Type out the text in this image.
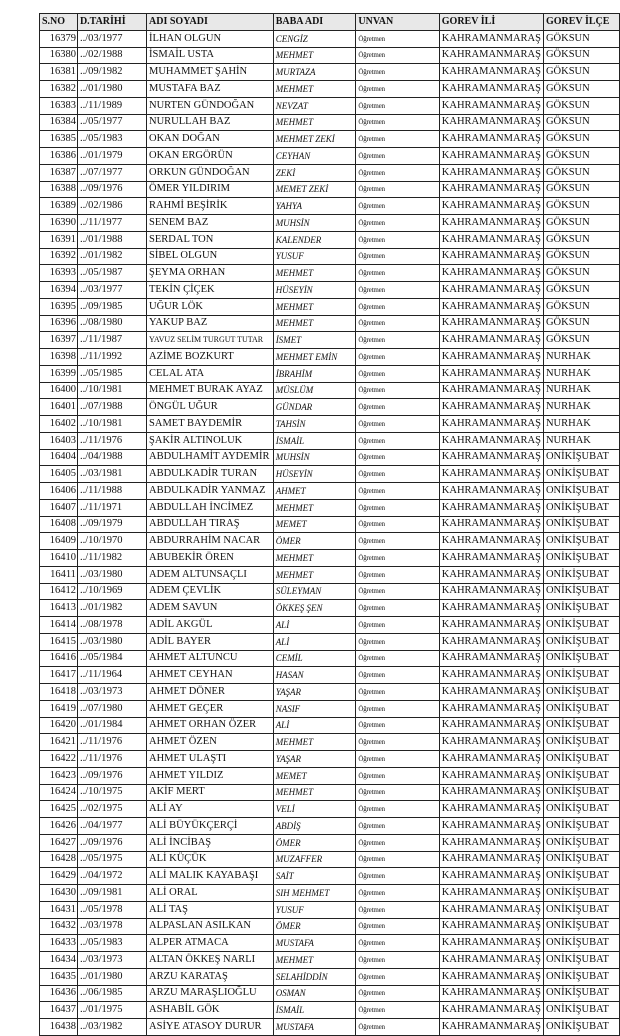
S.NO	D.TARİHİ	ADI SOYADI	BABA ADI	UNVAN	GOREV İLİ	GOREV İLÇE
16379	../03/1977	İLHAN OLGUN	CENGİZ	Öğretmen	KAHRAMANMARAŞ	GÖKSUN
16380	../02/1988	İSMAİL USTA	MEHMET	Öğretmen	KAHRAMANMARAŞ	GÖKSUN
16381	../09/1982	MUHAMMET ŞAHİN	MURTAZA	Öğretmen	KAHRAMANMARAŞ	GÖKSUN
16382	../01/1980	MUSTAFA BAZ	MEHMET	Öğretmen	KAHRAMANMARAŞ	GÖKSUN
16383	../11/1989	NURTEN GÜNDOĞAN	NEVZAT	Öğretmen	KAHRAMANMARAŞ	GÖKSUN
16384	../05/1977	NURULLAH BAZ	MEHMET	Öğretmen	KAHRAMANMARAŞ	GÖKSUN
16385	../05/1983	OKAN DOĞAN	MEHMET ZEKİ	Öğretmen	KAHRAMANMARAŞ	GÖKSUN
16386	../01/1979	OKAN ERGÖRÜN	CEYHAN	Öğretmen	KAHRAMANMARAŞ	GÖKSUN
16387	../07/1977	ORKUN GÜNDOĞAN	ZEKİ	Öğretmen	KAHRAMANMARAŞ	GÖKSUN
16388	../09/1976	ÖMER YILDIRIM	MEMET ZEKİ	Öğretmen	KAHRAMANMARAŞ	GÖKSUN
16389	../02/1986	RAHMİ BEŞİRİK	YAHYA	Öğretmen	KAHRAMANMARAŞ	GÖKSUN
16390	../11/1977	SENEM BAZ	MUHSİN	Öğretmen	KAHRAMANMARAŞ	GÖKSUN
16391	../01/1988	SERDAL TON	KALENDER	Öğretmen	KAHRAMANMARAŞ	GÖKSUN
16392	../01/1982	SİBEL OLGUN	YUSUF	Öğretmen	KAHRAMANMARAŞ	GÖKSUN
16393	../05/1987	ŞEYMA ORHAN	MEHMET	Öğretmen	KAHRAMANMARAŞ	GÖKSUN
16394	../03/1977	TEKİN ÇİÇEK	HÜSEYİN	Öğretmen	KAHRAMANMARAŞ	GÖKSUN
16395	../09/1985	UĞUR LÖK	MEHMET	Öğretmen	KAHRAMANMARAŞ	GÖKSUN
16396	../08/1980	YAKUP BAZ	MEHMET	Öğretmen	KAHRAMANMARAŞ	GÖKSUN
16397	../11/1987	YAVUZ SELİM TURGUT TUTAR	İSMET	Öğretmen	KAHRAMANMARAŞ	GÖKSUN
16398	../11/1992	AZİME BOZKURT	MEHMET EMİN	Öğretmen	KAHRAMANMARAŞ	NURHAK
16399	../05/1985	CELAL ATA	İBRAHİM	Öğretmen	KAHRAMANMARAŞ	NURHAK
16400	../10/1981	MEHMET BURAK AYAZ	MÜSLÜM	Öğretmen	KAHRAMANMARAŞ	NURHAK
16401	../07/1988	ÖNGÜL UĞUR	GÜNDAR	Öğretmen	KAHRAMANMARAŞ	NURHAK
16402	../10/1981	SAMET BAYDEMİR	TAHSİN	Öğretmen	KAHRAMANMARAŞ	NURHAK
16403	../11/1976	ŞAKİR ALTINOLUK	İSMAİL	Öğretmen	KAHRAMANMARAŞ	NURHAK
16404	../04/1988	ABDULHAMİT AYDEMİR	MUHSİN	Öğretmen	KAHRAMANMARAŞ	ONİKİŞUBAT
16405	../03/1981	ABDULKADİR TURAN	HÜSEYİN	Öğretmen	KAHRAMANMARAŞ	ONİKİŞUBAT
16406	../11/1988	ABDULKADİR YANMAZ	AHMET	Öğretmen	KAHRAMANMARAŞ	ONİKİŞUBAT
16407	../11/1971	ABDULLAH İNCİMEZ	MEHMET	Öğretmen	KAHRAMANMARAŞ	ONİKİŞUBAT
16408	../09/1979	ABDULLAH TIRAŞ	MEMET	Öğretmen	KAHRAMANMARAŞ	ONİKİŞUBAT
16409	../10/1970	ABDURRAHİM NACAR	ÖMER	Öğretmen	KAHRAMANMARAŞ	ONİKİŞUBAT
16410	../11/1982	ABUBEKİR ÖREN	MEHMET	Öğretmen	KAHRAMANMARAŞ	ONİKİŞUBAT
16411	../03/1980	ADEM ALTUNSAÇLI	MEHMET	Öğretmen	KAHRAMANMARAŞ	ONİKİŞUBAT
16412	../10/1969	ADEM ÇEVLİK	SÜLEYMAN	Öğretmen	KAHRAMANMARAŞ	ONİKİŞUBAT
16413	../01/1982	ADEM SAVUN	ÖKKEŞ ŞEN	Öğretmen	KAHRAMANMARAŞ	ONİKİŞUBAT
16414	../08/1978	ADİL AKGÜL	ALİ	Öğretmen	KAHRAMANMARAŞ	ONİKİŞUBAT
16415	../03/1980	ADİL BAYER	ALİ	Öğretmen	KAHRAMANMARAŞ	ONİKİŞUBAT
16416	../05/1984	AHMET ALTUNCU	CEMİL	Öğretmen	KAHRAMANMARAŞ	ONİKİŞUBAT
16417	../11/1964	AHMET CEYHAN	HASAN	Öğretmen	KAHRAMANMARAŞ	ONİKİŞUBAT
16418	../03/1973	AHMET DÖNER	YAŞAR	Öğretmen	KAHRAMANMARAŞ	ONİKİŞUBAT
16419	../07/1980	AHMET GEÇER	NASIF	Öğretmen	KAHRAMANMARAŞ	ONİKİŞUBAT
16420	../01/1984	AHMET ORHAN ÖZER	ALİ	Öğretmen	KAHRAMANMARAŞ	ONİKİŞUBAT
16421	../11/1976	AHMET ÖZEN	MEHMET	Öğretmen	KAHRAMANMARAŞ	ONİKİŞUBAT
16422	../11/1976	AHMET ULAŞTI	YAŞAR	Öğretmen	KAHRAMANMARAŞ	ONİKİŞUBAT
16423	../09/1976	AHMET YILDIZ	MEMET	Öğretmen	KAHRAMANMARAŞ	ONİKİŞUBAT
16424	../10/1975	AKİF MERT	MEHMET	Öğretmen	KAHRAMANMARAŞ	ONİKİŞUBAT
16425	../02/1975	ALİ AY	VELİ	Öğretmen	KAHRAMANMARAŞ	ONİKİŞUBAT
16426	../04/1977	ALİ BÜYÜKÇERÇİ	ABDİŞ	Öğretmen	KAHRAMANMARAŞ	ONİKİŞUBAT
16427	../09/1976	ALİ İNCİBAŞ	ÖMER	Öğretmen	KAHRAMANMARAŞ	ONİKİŞUBAT
16428	../05/1975	ALİ KÜÇÜK	MUZAFFER	Öğretmen	KAHRAMANMARAŞ	ONİKİŞUBAT
16429	../04/1972	ALİ MALIK KAYABAŞI	SAİT	Öğretmen	KAHRAMANMARAŞ	ONİKİŞUBAT
16430	../09/1981	ALİ ORAL	SIH MEHMET	Öğretmen	KAHRAMANMARAŞ	ONİKİŞUBAT
16431	../05/1978	ALİ TAŞ	YUSUF	Öğretmen	KAHRAMANMARAŞ	ONİKİŞUBAT
16432	../03/1978	ALPASLAN ASILKAN	ÖMER	Öğretmen	KAHRAMANMARAŞ	ONİKİŞUBAT
16433	../05/1983	ALPER ATMACA	MUSTAFA	Öğretmen	KAHRAMANMARAŞ	ONİKİŞUBAT
16434	../03/1973	ALTAN ÖKKEŞ NARLI	MEHMET	Öğretmen	KAHRAMANMARAŞ	ONİKİŞUBAT
16435	../01/1980	ARZU KARATAŞ	SELAHİDDİN	Öğretmen	KAHRAMANMARAŞ	ONİKİŞUBAT
16436	../06/1985	ARZU MARAŞLIOĞLU	OSMAN	Öğretmen	KAHRAMANMARAŞ	ONİKİŞUBAT
16437	../01/1975	ASHABİL GÖK	İSMAİL	Öğretmen	KAHRAMANMARAŞ	ONİKİŞUBAT
16438	../03/1982	ASİYE ATASOY DURUR	MUSTAFA	Öğretmen	KAHRAMANMARAŞ	ONİKİŞUBAT
